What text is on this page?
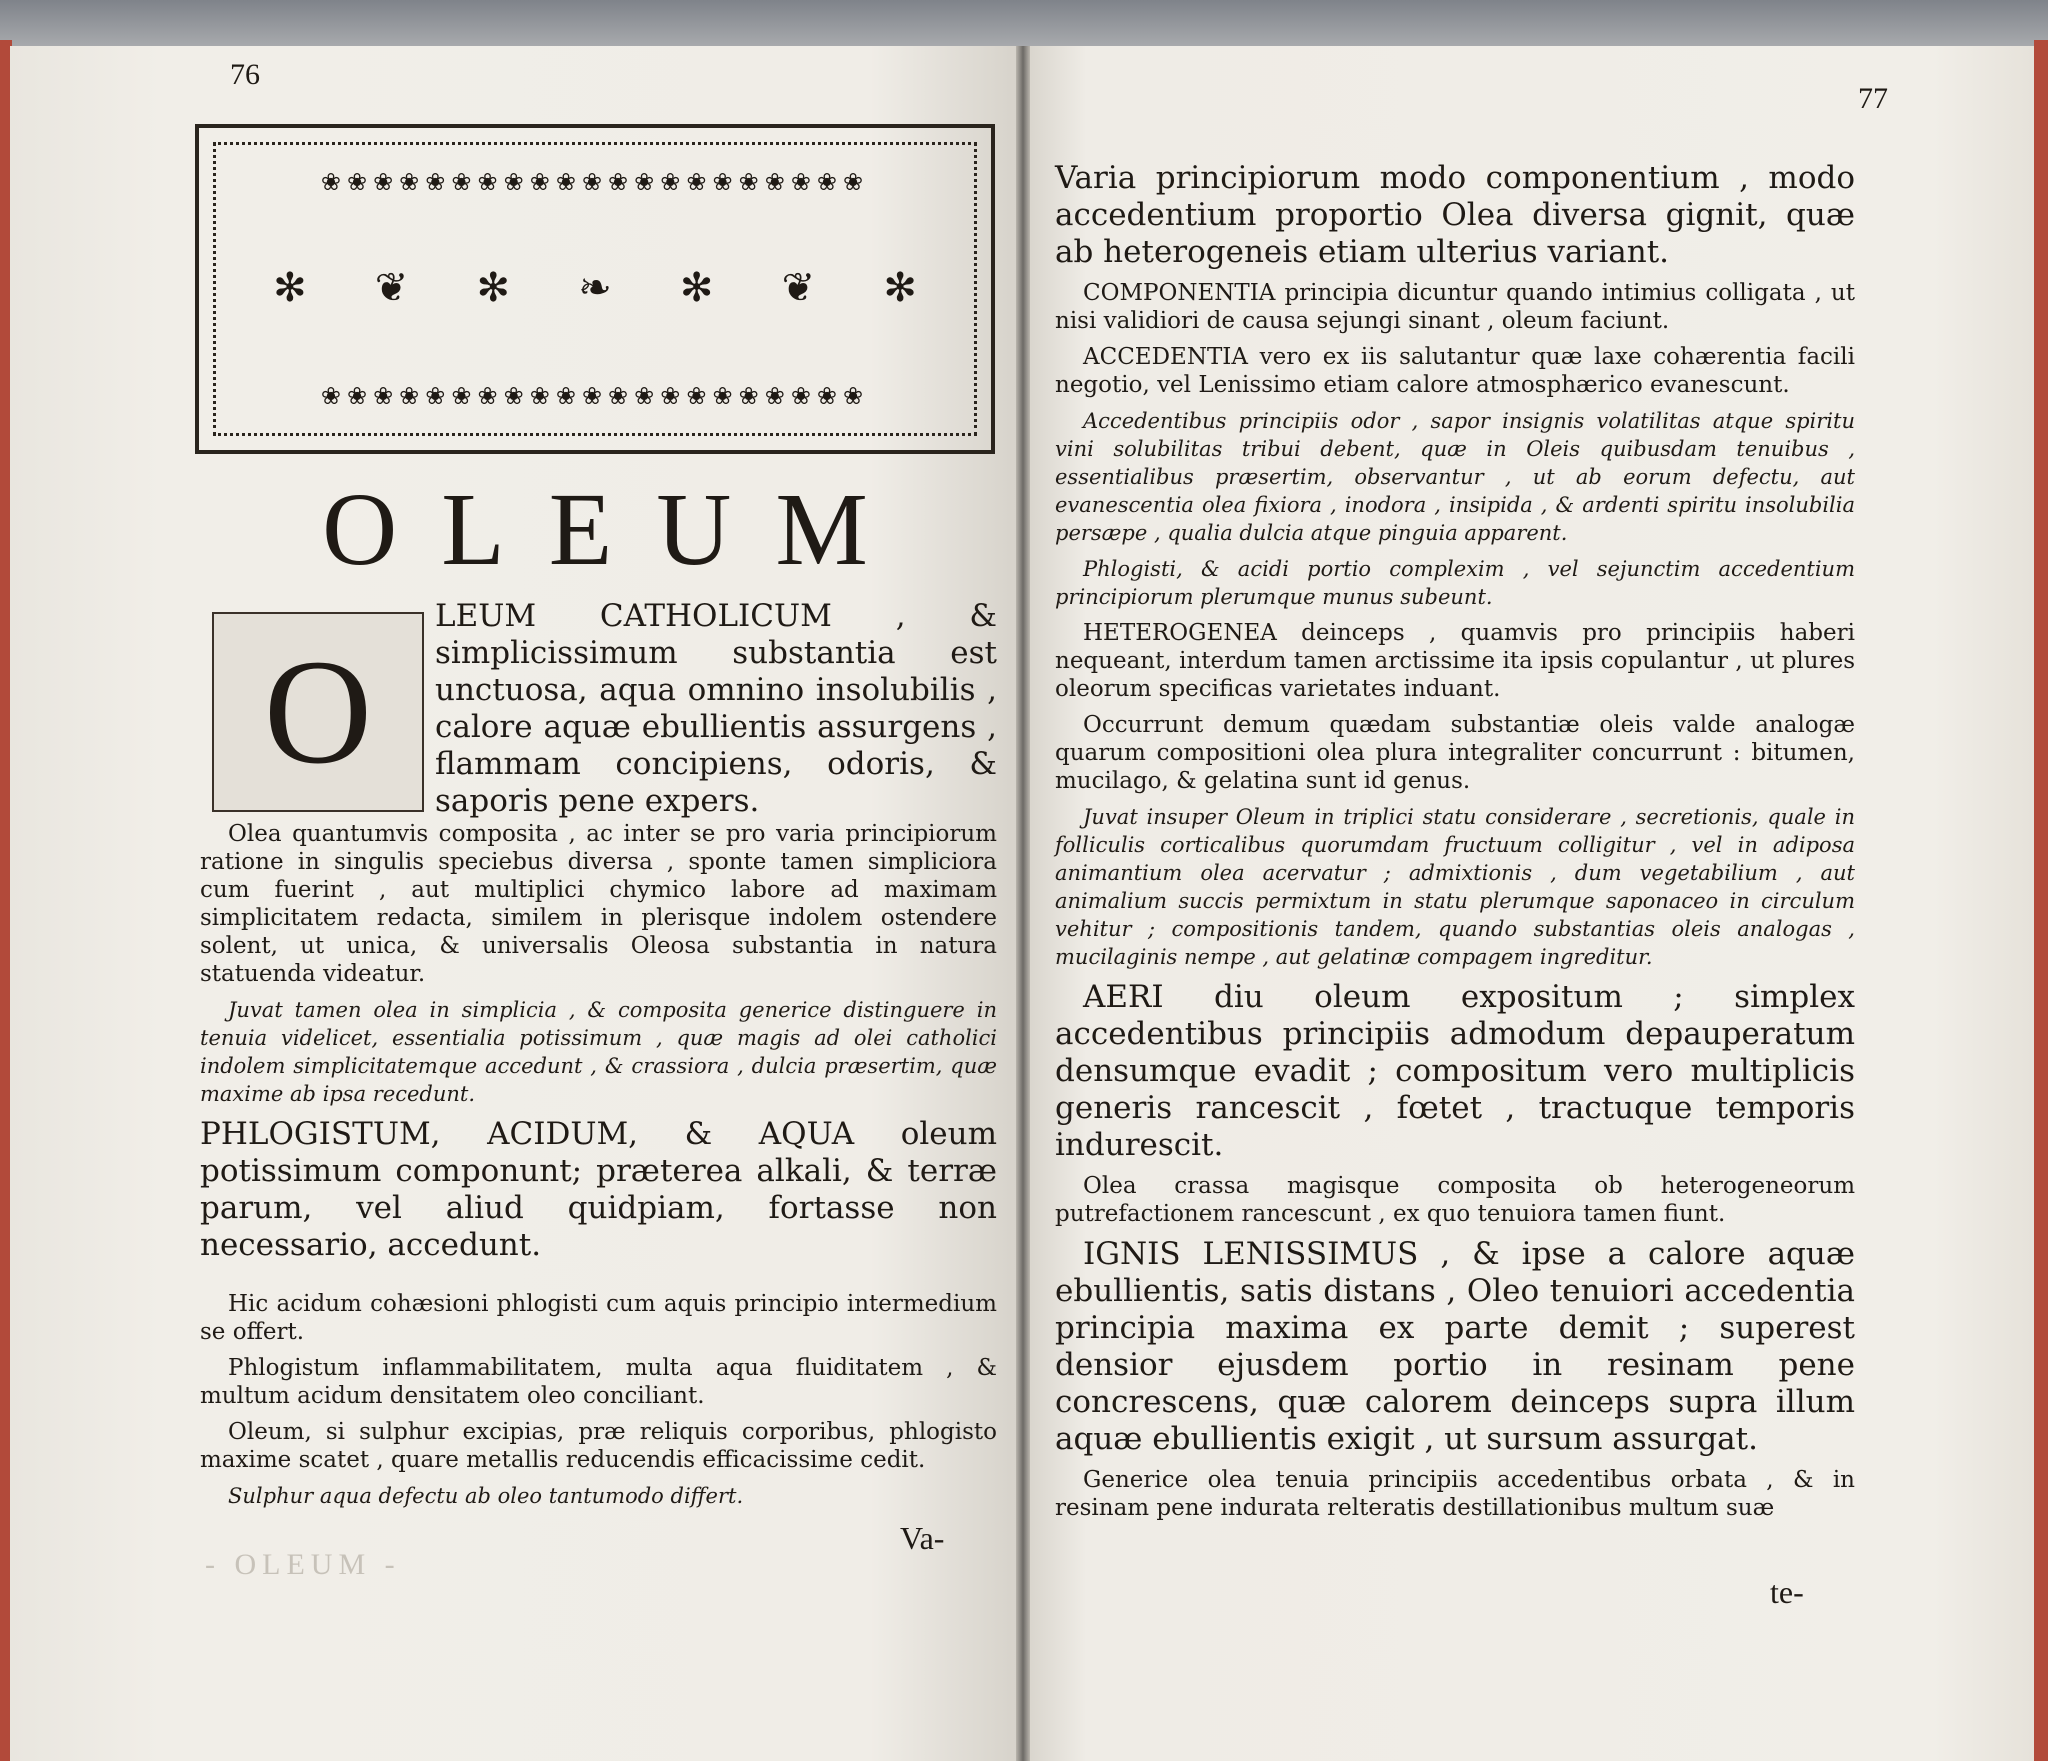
76
❀❀❀❀❀❀❀❀❀❀❀❀❀❀❀❀❀❀❀❀❀
✻ ❦ ✻ ❧ ✻ ❦ ✻
❀❀❀❀❀❀❀❀❀❀❀❀❀❀❀❀❀❀❀❀❀
OLEUM
O

LEUM CATHOLICUM , & simplicissimum substantia est unctuosa, aqua omnino insolubilis , calore aquæ ebullientis assurgens , flammam concipiens, odoris, & saporis pene expers.

Olea quantumvis composita , ac inter se pro varia principiorum ratione in singulis speciebus diversa , sponte tamen simpliciora cum fuerint , aut multiplici chymico labore ad maximam simplicitatem redacta, similem in plerisque indolem ostendere solent, ut unica, & universalis Oleosa substantia in natura statuenda videatur.

Juvat tamen olea in simplicia , & composita generice distinguere in tenuia videlicet, essentialia potissimum , quæ magis ad olei catholici indolem simplicitatemque accedunt , & crassiora , dulcia præsertim, quæ maxime ab ipsa recedunt.

PHLOGISTUM, ACIDUM, & AQUA oleum potissimum componunt; præterea alkali, & terræ parum, vel aliud quidpiam, fortasse non necessario, accedunt.

Hic acidum cohæsioni phlogisti cum aquis principio intermedium se offert.

Phlogistum inflammabilitatem, multa aqua fluiditatem , & multum acidum densitatem oleo conciliant.

Oleum, si sulphur excipias, præ reliquis corporibus, phlogisto maxime scatet , quare metallis reducendis efficacissime cedit.

Sulphur aqua defectu ab oleo tantumodo differt.

Va-
- OLEUM -
77

Varia principiorum modo componentium , modo accedentium proportio Olea diversa gignit, quæ ab heterogeneis etiam ulterius variant.

COMPONENTIA principia dicuntur quando intimius colligata , ut nisi validiori de causa sejungi sinant , oleum faciunt.

ACCEDENTIA vero ex iis salutantur quæ laxe cohærentia facili negotio, vel Lenissimo etiam calore atmosphærico evanescunt.

Accedentibus principiis odor , sapor insignis volatilitas atque spiritu vini solubilitas tribui debent, quæ in Oleis quibusdam tenuibus , essentialibus præsertim, observantur , ut ab eorum defectu, aut evanescentia olea fixiora , inodora , insipida , & ardenti spiritu insolubilia persæpe , qualia dulcia atque pinguia apparent.

Phlogisti, & acidi portio complexim , vel sejunctim accedentium principiorum plerumque munus subeunt.

HETEROGENEA deinceps , quamvis pro principiis haberi nequeant, interdum tamen arctissime ita ipsis copulantur , ut plures oleorum specificas varietates induant.

Occurrunt demum quædam substantiæ oleis valde analogæ quarum compositioni olea plura integraliter concurrunt : bitumen, mucilago, & gelatina sunt id genus.

Juvat insuper Oleum in triplici statu considerare , secretionis, quale in folliculis corticalibus quorumdam fructuum colligitur , vel in adiposa animantium olea acervatur ; admixtionis , dum vegetabilium , aut animalium succis permixtum in statu plerumque saponaceo in circulum vehitur ; compositionis tandem, quando substantias oleis analogas , mucilaginis nempe , aut gelatinæ compagem ingreditur.

AERI diu oleum expositum ; simplex accedentibus principiis admodum depauperatum densumque evadit ; compositum vero multiplicis generis rancescit , fœtet , tractuque temporis indurescit.

Olea crassa magisque composita ob heterogeneorum putrefactionem rancescunt , ex quo tenuiora tamen fiunt.

IGNIS LENISSIMUS , & ipse a calore aquæ ebullientis, satis distans , Oleo tenuiori accedentia principia maxima ex parte demit ; superest densior ejusdem portio in resinam pene concrescens, quæ calorem deinceps supra illum aquæ ebullientis exigit , ut sursum assurgat.

Generice olea tenuia principiis accedentibus orbata , & in resinam pene indurata relteratis destillationibus multum suæ

te-
